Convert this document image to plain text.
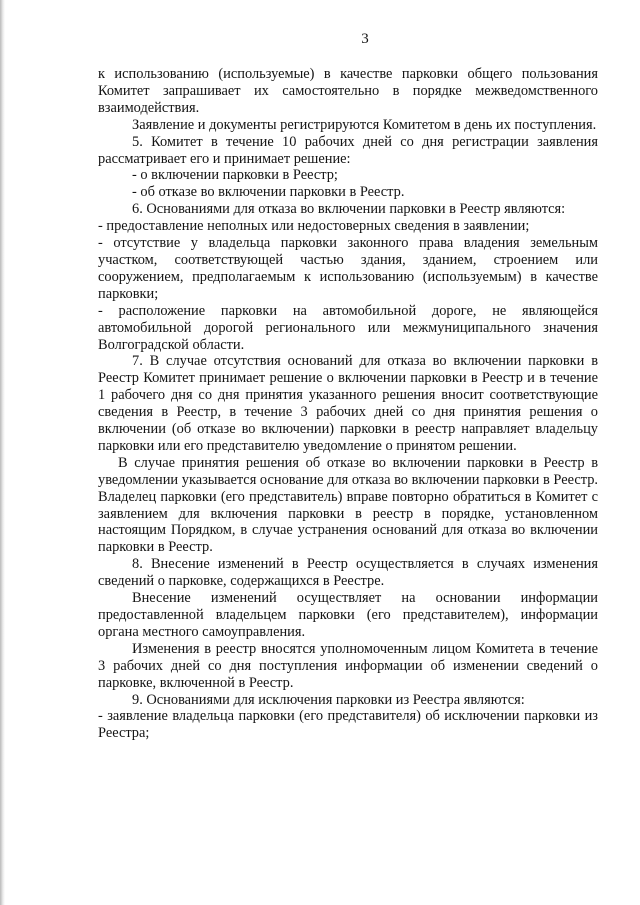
3

к использованию (используемые) в качестве парковки общего пользования Комитет запрашивает их самостоятельно в порядке межведомственного взаимодействия.

Заявление и документы регистрируются Комитетом в день их поступления.

5. Комитет в течение 10 рабочих дней со дня регистрации заявления рассматривает его и принимает решение:

- о включении парковки в Реестр;

- об отказе во включении парковки в Реестр.

6. Основаниями для отказа во включении парковки в Реестр являются:

- предоставление неполных или недостоверных сведения в заявлении;

- отсутствие у владельца парковки законного права владения земельным участком, соответствующей частью здания, зданием, строением или сооружением, предполагаемым к использованию (используемым) в качестве парковки;

- расположение парковки на автомобильной дороге, не являющейся автомобильной дорогой регионального или межмуниципального значения Волгоградской области.

7. В случае отсутствия оснований для отказа во включении парковки в Реестр Комитет принимает решение о включении парковки в Реестр и в течение 1 рабочего дня со дня принятия указанного решения вносит соответствующие сведения в Реестр, в течение 3 рабочих дней со дня принятия решения о включении (об отказе во включении) парковки в реестр направляет владельцу парковки или его представителю уведомление о принятом решении.

В случае принятия решения об отказе во включении парковки в Реестр в уведомлении указывается основание для отказа во включении парковки в Реестр. Владелец парковки (его представитель) вправе повторно обратиться в Комитет с заявлением для включения парковки в реестр в порядке, установленном настоящим Порядком, в случае устранения оснований для отказа во включении парковки в Реестр.

8. Внесение изменений в Реестр осуществляется в случаях изменения сведений о парковке, содержащихся в Реестре.

Внесение изменений осуществляет на основании информации предоставленной владельцем парковки (его представителем), информации органа местного самоуправления.

Изменения в реестр вносятся уполномоченным лицом Комитета в течение 3 рабочих дней со дня поступления информации об изменении сведений о парковке, включенной в Реестр.

9. Основаниями для исключения парковки из Реестра являются:

- заявление владельца парковки (его представителя) об исключении парковки из Реестра;
